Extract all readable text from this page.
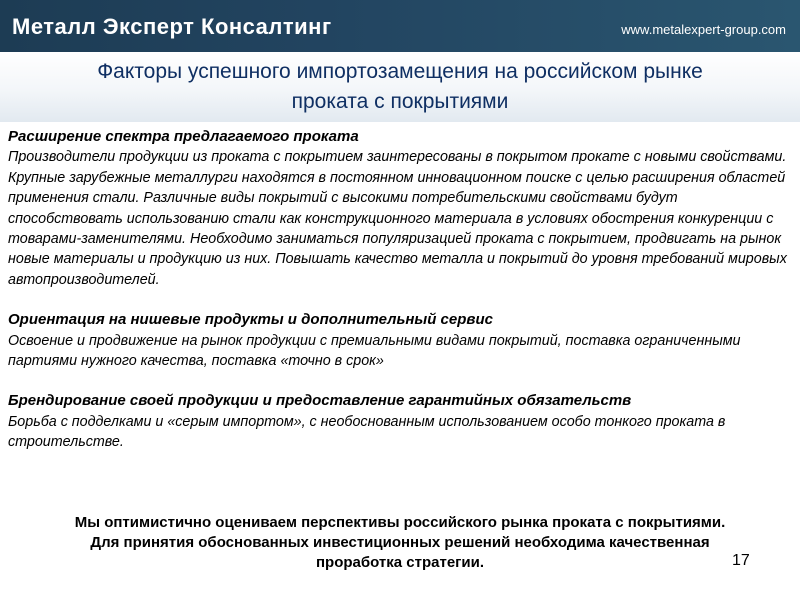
Металл Эксперт Консалтинг	www.metalexpert-group.com
Факторы успешного импортозамещения на российском рынке
проката с покрытиями
Расширение спектра предлагаемого проката
Производители продукции из проката с покрытием заинтересованы в покрытом прокате с новыми свойствами. Крупные зарубежные металлурги находятся в постоянном инновационном поиске с целью расширения областей применения стали. Различные виды покрытий с высокими потребительскими свойствами будут способствовать использованию стали как конструкционного материала в условиях обострения конкуренции с товарами-заменителями. Необходимо заниматься популяризацией проката с покрытием, продвигать на рынок новые материалы и продукцию из них. Повышать качество металла и покрытий до уровня требований мировых автопроизводителей.
Ориентация на нишевые продукты и дополнительный сервис
Освоение и продвижение на рынок продукции с премиальными видами покрытий, поставка ограниченными партиями нужного качества, поставка «точно в срок»
Брендирование своей продукции и предоставление гарантийных обязательств
Борьба с подделками и «серым импортом», с необоснованным использованием особо тонкого проката в строительстве.
Мы оптимистично оцениваем перспективы российского рынка проката с покрытиями.
Для принятия обоснованных инвестиционных решений необходима качественная
проработка стратегии.	17
